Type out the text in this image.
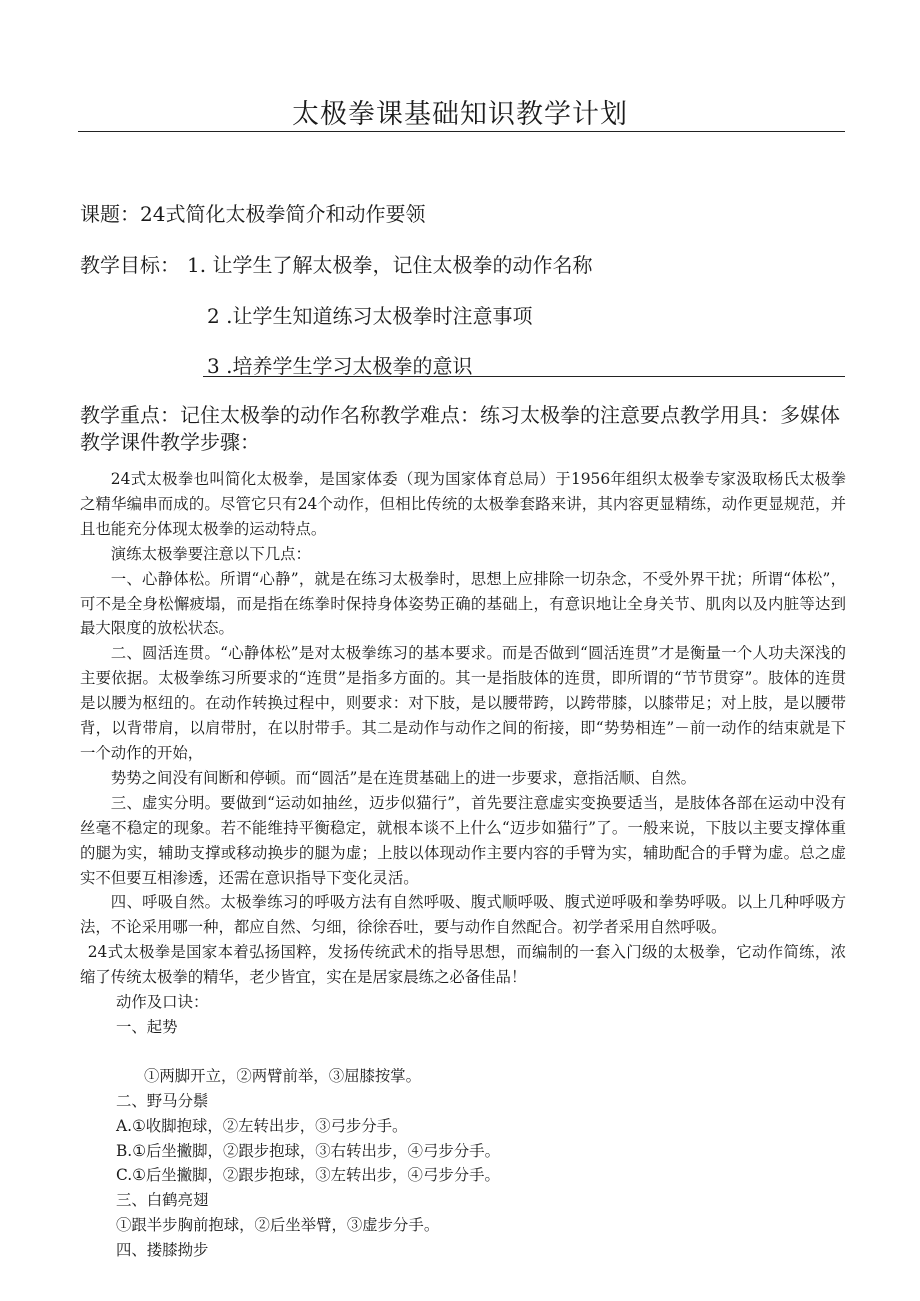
太极拳课基础知识教学计划

课题：24式简化太极拳简介和动作要领

教学目标： 1. 让学生了解太极拳，记住太极拳的动作名称

2 .让学生知道练习太极拳时注意事项

3 .培养学生学习太极拳的意识

教学重点：记住太极拳的动作名称教学难点：练习太极拳的注意要点教学用具：多媒体教学课件教学步骤：

24式太极拳也叫简化太极拳，是国家体委（现为国家体育总局）于1956年组织太极拳专家汲取杨氏太极拳之精华编串而成的。尽管它只有24个动作，但相比传统的太极拳套路来讲，其内容更显精练，动作更显规范，并且也能充分体现太极拳的运动特点。

演练太极拳要注意以下几点：

一、心静体松。所谓“心静”，就是在练习太极拳时，思想上应排除一切杂念，不受外界干扰；所谓“体松”，可不是全身松懈疲塌，而是指在练拳时保持身体姿势正确的基础上，有意识地让全身关节、肌肉以及内脏等达到最大限度的放松状态。

二、圆活连贯。“心静体松”是对太极拳练习的基本要求。而是否做到“圆活连贯”才是衡量一个人功夫深浅的主要依据。太极拳练习所要求的“连贯”是指多方面的。其一是指肢体的连贯，即所谓的“节节贯穿”。肢体的连贯是以腰为枢纽的。在动作转换过程中，则要求：对下肢，是以腰带跨，以跨带膝，以膝带足；对上肢，是以腰带背，以背带肩，以肩带肘，在以肘带手。其二是动作与动作之间的衔接，即“势势相连”－前一动作的结束就是下一个动作的开始，

势势之间没有间断和停顿。而“圆活”是在连贯基础上的进一步要求，意指活顺、自然。

三、虚实分明。要做到“运动如抽丝，迈步似猫行”，首先要注意虚实变换要适当，是肢体各部在运动中没有丝毫不稳定的现象。若不能维持平衡稳定，就根本谈不上什么“迈步如猫行”了。一般来说，下肢以主要支撑体重的腿为实，辅助支撑或移动换步的腿为虚；上肢以体现动作主要内容的手臂为实，辅助配合的手臂为虚。总之虚实不但要互相渗透，还需在意识指导下变化灵活。

四、呼吸自然。太极拳练习的呼吸方法有自然呼吸、腹式顺呼吸、腹式逆呼吸和拳势呼吸。以上几种呼吸方法，不论采用哪一种，都应自然、匀细，徐徐吞吐，要与动作自然配合。初学者采用自然呼吸。

24式太极拳是国家本着弘扬国粹，发扬传统武术的指导思想，而编制的一套入门级的太极拳，它动作简练，浓缩了传统太极拳的精华，老少皆宜，实在是居家晨练之必备佳品！

动作及口诀：

一、起势

①两脚开立，②两臂前举，③屈膝按掌。

二、野马分鬃

A.①收脚抱球，②左转出步，③弓步分手。

B.①后坐撇脚，②跟步抱球，③右转出步，④弓步分手。

C.①后坐撇脚，②跟步抱球，③左转出步，④弓步分手。

三、白鹤亮翅

①跟半步胸前抱球，②后坐举臂，③虚步分手。

四、搂膝拗步
